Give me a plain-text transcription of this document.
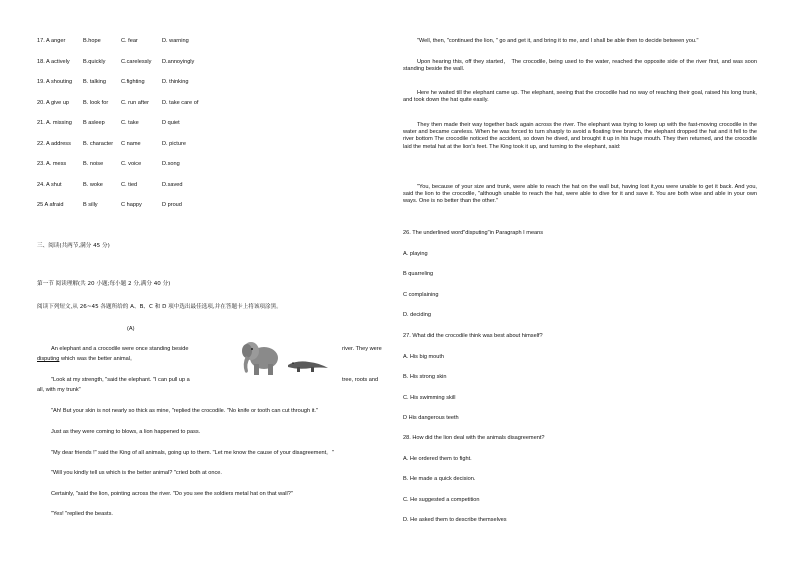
17. A anger	B.hope	C. fear	D. warning
18. A actively B.quickly	C.carelessly D.annoyingly
19. A shouting B. talking	C.fighting	D. thinking
20. A give up B. look for C. run after D. take care of
21. A. missing B asleep	C. take	D quiet
22. A address B. character C name	D. picture
23. A. mess	B. noise	C. voice	D.song
24. A shut	B. woke	C. tied	D.saved
25 A afraid	B silly	C happy	D proud
三、阅读(共两节,满分 45 分)
第一节 阅读理解(共 20 小题;每小题 2 分,满分 40 分)
阅读下列短文,从 26~45 各题所给的 A、B、C 和 D 项中选出最佳选项,并在答题卡上将该项涂黑。
(A)
An elephant and a crocodile were once standing beside	river. They were
disputing which was the better animal。
"Look at my strength, "said the elephant. "I can pull up a	tree, roots and
all, with my trunk"
"Ah! But your skin is not nearly so thick as mine, "replied the crocodile. "No knife or tooth can cut through it."
Just as they were coming to blows, a lion happened to pass.
"My dear friends !" said the King of all animals, going up to them. "Let me know the cause of your disagreement。"
"Will you kindly tell us which is the better animal? "cried both at once.
Certainly, "said the lion, pointing across the river. "Do you see the soldiers metal hat on that wall?"
"Yes! "replied the beasts.
"Well, then, "continued the lion, " go and get it, and bring it to me, and I shall be able then to decide between you."
Upon hearing this, off they started， The crocodile, being used to the water, reached the opposite side of the river first, and was soon standing beside the wall.
Here he waited till the elephant came up. The elephant, seeing that the crocodile had no way of reaching their goal, raised his long trunk, and took down the hat quite easily.
They then made their way together back again across the river. The elephant was trying to keep up with the fast-moving crocodile in the water and became careless. When he was forced to turn sharply to avoid a floating tree branch, the elephant dropped the hat and it fell to the river bottom The crocodile noticed the accident, so down he dived, and brought it up in his huge mouth. They then returned, and the crocodile laid the metal hat at the lion's feet. The King took it up, and turning to the elephant, said:
"You, because of your size and trunk, were able to reach the hat on the wall but, having lost it,you were unable to get it back. And you, said the lion to the crocodile, "although unable to reach the hat, were able to dive for it and save it. You are both wise and able in your own ways. One is no better than the other."
26. The underlined word"disputing"in Paragraph I means
A. playing
B quarreling
C complaining
D. deciding
27. What did the crocodile think was best about himself?
A. His big mouth
B. His strong skin
C. His swimming skill
D His dangerous teeth
28. How did the lion deal with the animals disagreement?
A. He ordered them to fight.
B. He made a quick decision.
C. He suggested a competition
D. He asked them to describe themselves
